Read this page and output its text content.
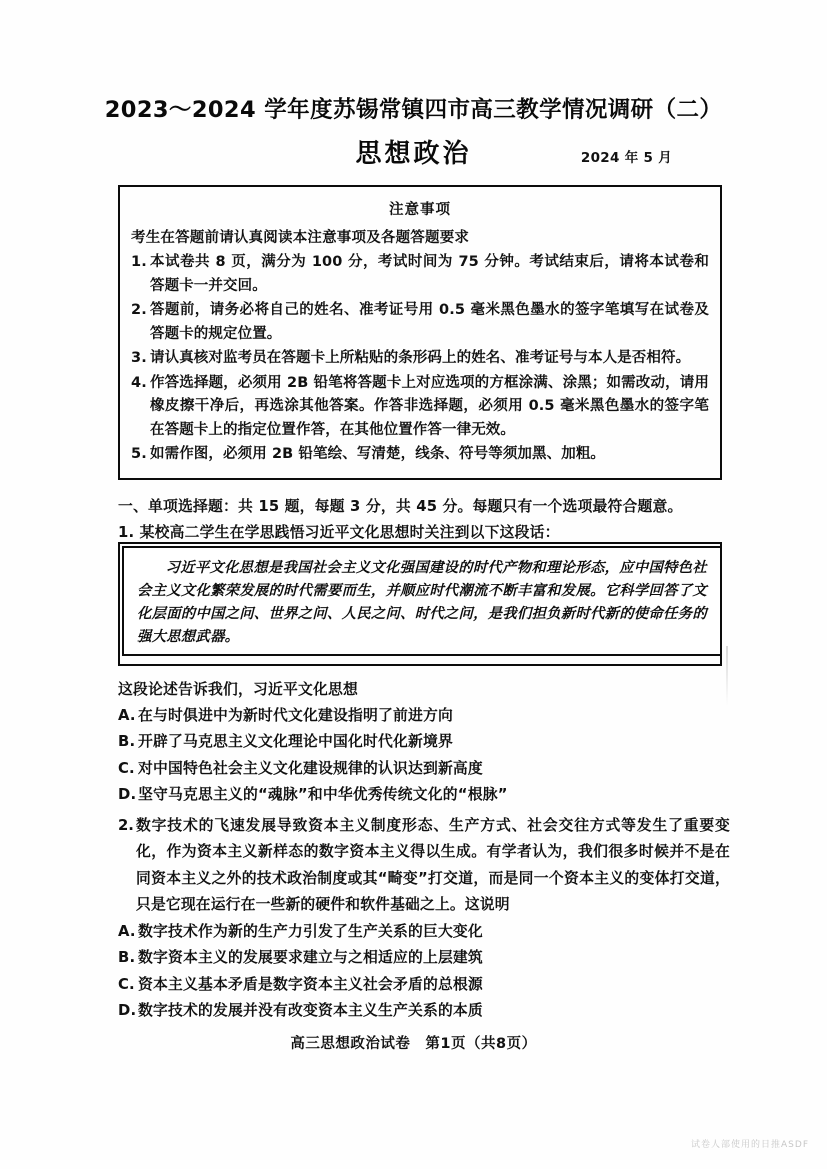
2023～2024 学年度苏锡常镇四市高三教学情况调研（二）
思想政治	2024 年 5 月
注意事项
考生在答题前请认真阅读本注意事项及各题答题要求
1. 本试卷共 8 页，满分为 100 分，考试时间为 75 分钟。考试结束后，请将本试卷和答题卡一并交回。
2. 答题前，请务必将自己的姓名、准考证号用 0.5 毫米黑色墨水的签字笔填写在试卷及答题卡的规定位置。
3. 请认真核对监考员在答题卡上所粘贴的条形码上的姓名、准考证号与本人是否相符。
4. 作答选择题，必须用 2B 铅笔将答题卡上对应选项的方框涂满、涂黑；如需改动，请用橡皮擦干净后，再选涂其他答案。作答非选择题，必须用 0.5 毫米黑色墨水的签字笔在答题卡上的指定位置作答，在其他位置作答一律无效。
5. 如需作图，必须用 2B 铅笔绘、写清楚，线条、符号等须加黑、加粗。
一、单项选择题：共 15 题，每题 3 分，共 45 分。每题只有一个选项最符合题意。
1. 某校高二学生在学思践悟习近平文化思想时关注到以下这段话：
习近平文化思想是我国社会主义文化强国建设的时代产物和理论形态，应中国特色社会主义文化繁荣发展的时代需要而生，并顺应时代潮流不断丰富和发展。它科学回答了文化层面的中国之问、世界之问、人民之问、时代之问，是我们担负新时代新的使命任务的强大思想武器。
这段论述告诉我们，习近平文化思想
A. 在与时俱进中为新时代文化建设指明了前进方向
B. 开辟了马克思主义文化理论中国化时代化新境界
C. 对中国特色社会主义文化建设规律的认识达到新高度
D. 坚守马克思主义的“魂脉”和中华优秀传统文化的“根脉”
2. 数字技术的飞速发展导致资本主义制度形态、生产方式、社会交往方式等发生了重要变化，作为资本主义新样态的数字资本主义得以生成。有学者认为，我们很多时候并不是在同资本主义之外的技术政治制度或其“畸变”打交道，而是同一个资本主义的变体打交道，只是它现在运行在一些新的硬件和软件基础之上。这说明
A. 数字技术作为新的生产力引发了生产关系的巨大变化
B. 数字资本主义的发展要求建立与之相适应的上层建筑
C. 资本主义基本矛盾是数字资本主义社会矛盾的总根源
D. 数字技术的发展并没有改变资本主义生产关系的本质
高三思想政治试卷　第1页（共8页）
试卷人部使用的日推ASDF
